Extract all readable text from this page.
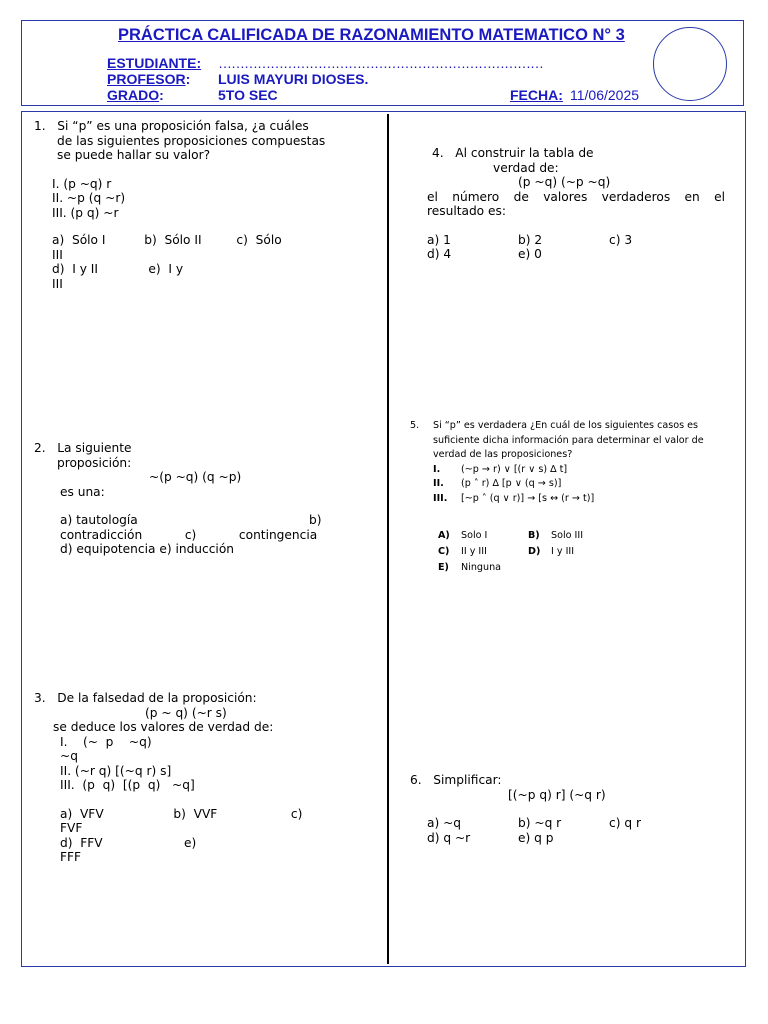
PRÁCTICA CALIFICADA DE RAZONAMIENTO MATEMATICO N° 3
ESTUDIANTE: …………………………………………………………………
PROFESOR: LUIS MAYURI DIOSES.
GRADO:	5TO SEC	FECHA: 11/06/2025
1. Si “p” es una proposición falsa, ¿a cuáles
de las siguientes proposiciones compuestas
se puede hallar su valor?
I. (p ~q) r
II. ~p (q ~r)
III. (p q) ~r
a)  Sólo I          b)  Sólo II         c)  Sólo
III
d)  I y II             e)  I y
III
2. La siguiente
proposición:
~(p ~q) (q ~p)
es una:
a) tautología	b)
contradicción           c)           contingencia
d) equipotencia e) inducción
3. De la falsedad de la proposición:
(p ~ q) (~r s)
se deduce los valores de verdad de:
I.    (~  p    ~q)
~q
II. (~r q) [(~q r) s]
III.  (p  q)  [(p  q)   ~q]
a)  VFV                  b)  VVF                   c)
FVF
d)  FFV                     e)
FFF
4. Al construir la tabla de
verdad de:
(p ~q) (~p ~q)
el número de valores verdaderos en el
resultado es:
a) 1	b) 2	c) 3
d) 4	e) 0
5. Si “p” es verdadera ¿En cuál de los siguientes casos es
suficiente dicha información para determinar el valor de
verdad de las proposiciones?
I. (~p → r) ∨ [(r ∨ s) ∆ t]
II. (p ˄ r) ∆ [p ∨ (q → s)]
III. [~p ˄ (q ∨ r)] → [s ↔ (r → t)]
A) Solo I	B) Solo III
C) II y III	D) I y III
E) Ninguna
6. Simplificar:
[(~p q) r] (~q r)
a) ~q	b) ~q r	c) q r
d) q ~r	e) q p
